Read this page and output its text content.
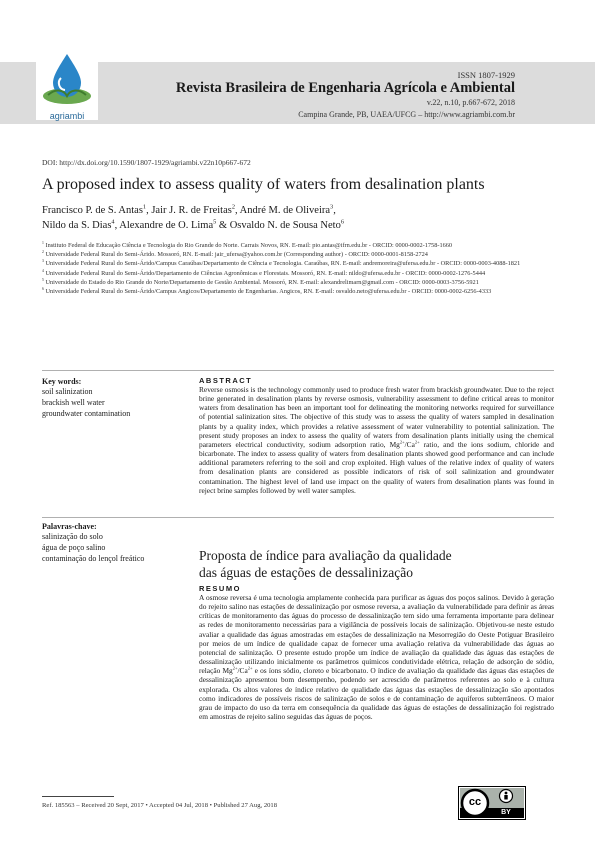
agriambi
ISSN 1807-1929
Revista Brasileira de Engenharia Agrícola e Ambiental
v.22, n.10, p.667-672, 2018
Campina Grande, PB, UAEA/UFCG – http://www.agriambi.com.br
DOI: http://dx.doi.org/10.1590/1807-1929/agriambi.v22n10p667-672
A proposed index to assess quality of waters from desalination plants
Francisco P. de S. Antas$^1$, Jair J. R. de Freitas$^2$, André M. de Oliveira$^3$,
Nildo da S. Dias$^4$, Alexandre de O. Lima$^5$ & Osvaldo N. de Sousa Neto$^6$

$^1$ Instituto Federal de Educação Ciência e Tecnologia do Rio Grande do Norte. Carrais Novos, RN. E-mail: pio.antas@ifrn.edu.br - ORCID: 0000-0002-1758-1660

$^2$ Universidade Federal Rural do Semi-Árido. Mossoró, RN. E-mail: jair_ufersa@yahoo.com.br (Corresponding author) - ORCID: 0000-0001-8158-2724

$^3$ Universidade Federal Rural do Semi-Árido/Campus Caraúbas/Departamento de Ciência e Tecnologia. Caraúbas, RN. E-mail: andremoreira@ufersa.edu.br - ORCID: 0000-0003-4088-1821

$^4$ Universidade Federal Rural do Semi-Árido/Departamento de Ciências Agronômicas e Florestais. Mossoró, RN. E-mail: nildo@ufersa.edu.br - ORCID: 0000-0002-1276-5444

$^5$ Universidade do Estado do Rio Grande do Norte/Departamento de Gestão Ambiental. Mossoró, RN. E-mail: alexandrelimarn@gmail.com - ORCID: 0000-0003-3756-5921

$^6$ Universidade Federal Rural do Semi-Árido/Campus Angicos/Departamento de Engenharias. Angicos, RN. E-mail: osvaldo.neto@ufersa.edu.br - ORCID: 0000-0002-6256-4333

Key words:
soil salinization
brackish well water
groundwater contamination
ABSTRACT
Reverse osmosis is the technology commonly used to produce fresh water from brackish groundwater. Due to the reject brine generated in desalination plants by reverse osmosis, vulnerability assessment to define critical areas to monitor waters from desalination has been an important tool for delineating the monitoring networks required for surveillance of potential salinization sites. The objective of this study was to assess the quality of waters sampled in desalination plants by a quality index, which provides a relative assessment of water vulnerability to potential salinization. The present study proposes an index to assess the quality of waters from desalination plants initially using the chemical parameters electrical conductivity, sodium adsorption ratio, $Mg^{2+}/Ca^{2+}$ ratio, and the ions sodium, chloride and bicarbonate. The index to assess quality of waters from desalination plants showed good performance and can include additional parameters referring to the soil and crop exploited. High values of the relative index of quality of waters from desalination plants are considered as possible indicators of risk of soil salinization and groundwater contamination. The highest level of land use impact on the quality of waters from desalination plants was found in reject brine samples followed by well water samples.
Palavras-chave:
salinização do solo
água de poço salino
contaminação do lençol freático	Proposta de índice para avaliação da qualidade
das águas de estações de dessalinização
RESUMO
A osmose reversa é uma tecnologia amplamente conhecida para purificar as águas dos poços salinos. Devido à geração do rejeito salino nas estações de dessalinização por osmose reversa, a avaliação da vulnerabilidade para definir as áreas críticas de monitoramento das águas do processo de dessalinização tem sido uma ferramenta importante para delinear as redes de monitoramento necessárias para a vigilância de possíveis locais de salinização. Objetivou-se neste estudo avaliar a qualidade das águas amostradas em estações de dessalinização na Mesorregião do Oeste Potiguar Brasileiro por meios de um índice de qualidade capaz de fornecer uma avaliação relativa da vulnerabilidade das águas ao potencial de salinização. O presente estudo propõe um índice de avaliação da qualidade das águas das estações de dessalinização utilizando inicialmente os parâmetros químicos condutividade elétrica, relação de adsorção de sódio, relação $Mg^{2+}/Ca^{2+}$ e os íons sódio, cloreto e bicarbonato. O índice de avaliação da qualidade das águas das estações de dessalinização apresentou bom desempenho, podendo ser acrescido de parâmetros referentes ao solo e à cultura explorada. Os altos valores de índice relativo de qualidade das águas das estações de dessalinização são apontados como indicadores de possíveis riscos de salinização de solos e de contaminação de aquíferos subterrâneos. O maior grau de impacto do uso da terra em consequência da qualidade das águas de estações de dessalinização foi registrado em amostras de rejeito salino seguidas das águas de poços.
Ref. 185563 – Received 20 Sept, 2017 • Accepted 04 Jul, 2018 • Published 27 Aug, 2018	cc
BY
